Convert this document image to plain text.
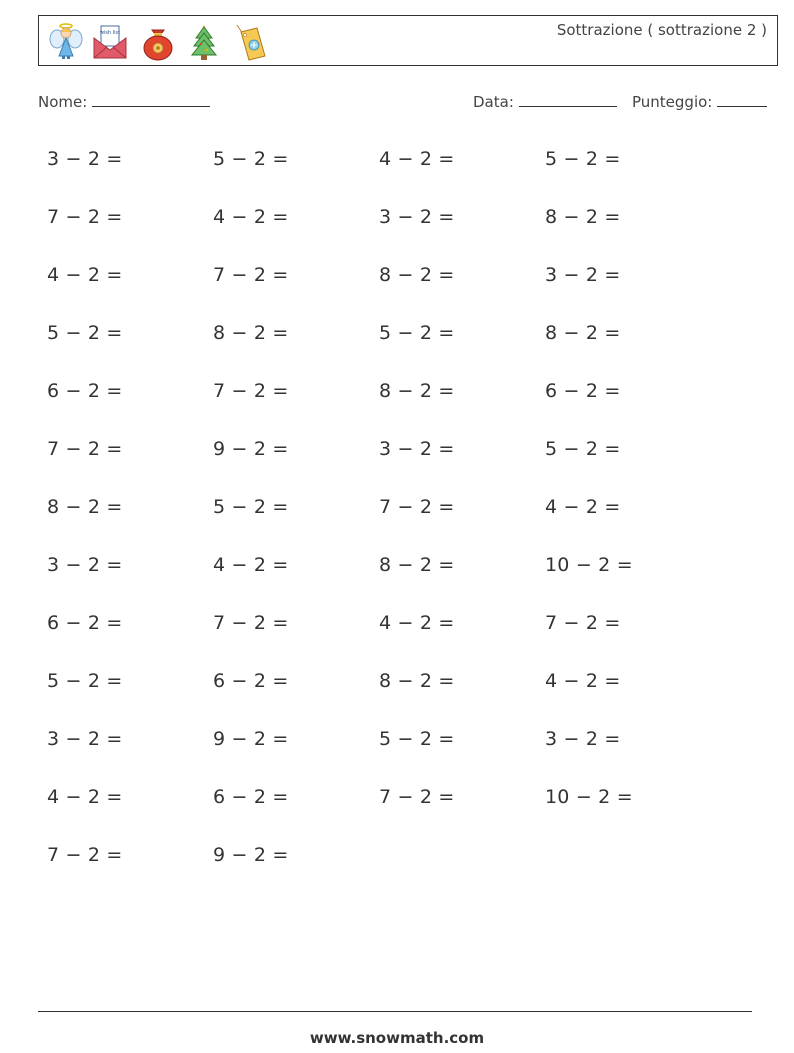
wish list	Sottrazione ( sottrazione 2 )
Nome:	Data:	Punteggio:
3 − 2 =	5 − 2 =	4 − 2 =	5 − 2 =
7 − 2 =	4 − 2 =	3 − 2 =	8 − 2 =
4 − 2 =	7 − 2 =	8 − 2 =	3 − 2 =
5 − 2 =	8 − 2 =	5 − 2 =	8 − 2 =
6 − 2 =	7 − 2 =	8 − 2 =	6 − 2 =
7 − 2 =	9 − 2 =	3 − 2 =	5 − 2 =
8 − 2 =	5 − 2 =	7 − 2 =	4 − 2 =
3 − 2 =	4 − 2 =	8 − 2 =	10 − 2 =
6 − 2 =	7 − 2 =	4 − 2 =	7 − 2 =
5 − 2 =	6 − 2 =	8 − 2 =	4 − 2 =
3 − 2 =	9 − 2 =	5 − 2 =	3 − 2 =
4 − 2 =	6 − 2 =	7 − 2 =	10 − 2 =
7 − 2 =	9 − 2 =
www.snowmath.com
